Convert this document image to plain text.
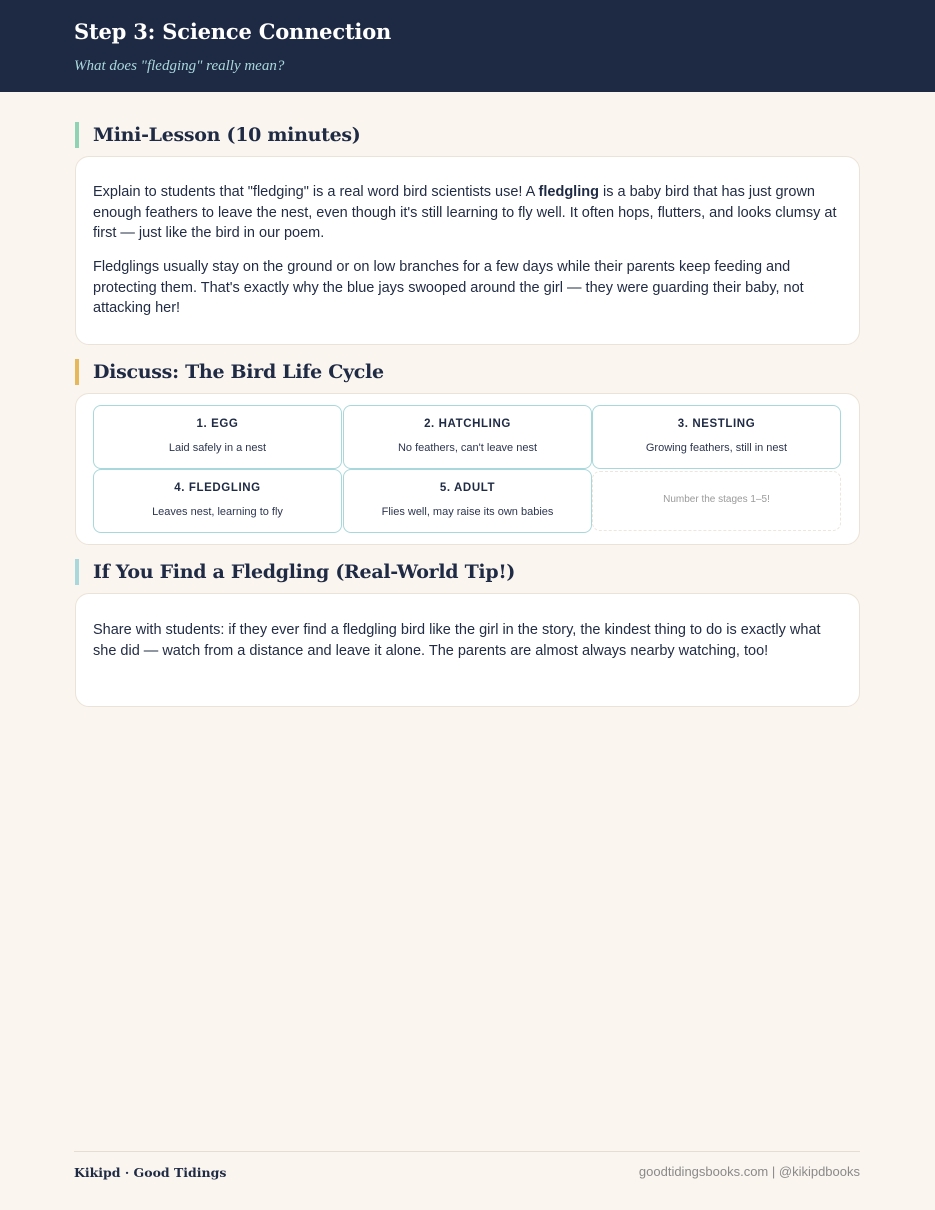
Step 3: Science Connection
What does "fledging" really mean?
Mini-Lesson (10 minutes)

Explain to students that "fledging" is a real word bird scientists use! A fledgling is a baby bird that has just grown enough feathers to leave the nest, even though it's still learning to fly well. It often hops, flutters, and looks clumsy at first — just like the bird in our poem.

Fledglings usually stay on the ground or on low branches for a few days while their parents keep feeding and protecting them. That's exactly why the blue jays swooped around the girl — they were guarding their baby, not attacking her!

Discuss: The Bird Life Cycle
1. EGG
Laid safely in a nest
2. HATCHLING
No feathers, can't leave nest
3. NESTLING
Growing feathers, still in nest
4. FLEDGLING
Leaves nest, learning to fly
5. ADULT
Flies well, may raise its own babies
Number the stages 1–5!
If You Find a Fledgling (Real-World Tip!)

Share with students: if they ever find a fledgling bird like the girl in the story, the kindest thing to do is exactly what she did — watch from a distance and leave it alone. The parents are almost always nearby watching, too!

Kikipd · Good Tidings	goodtidingsbooks.com | @kikipdbooks
